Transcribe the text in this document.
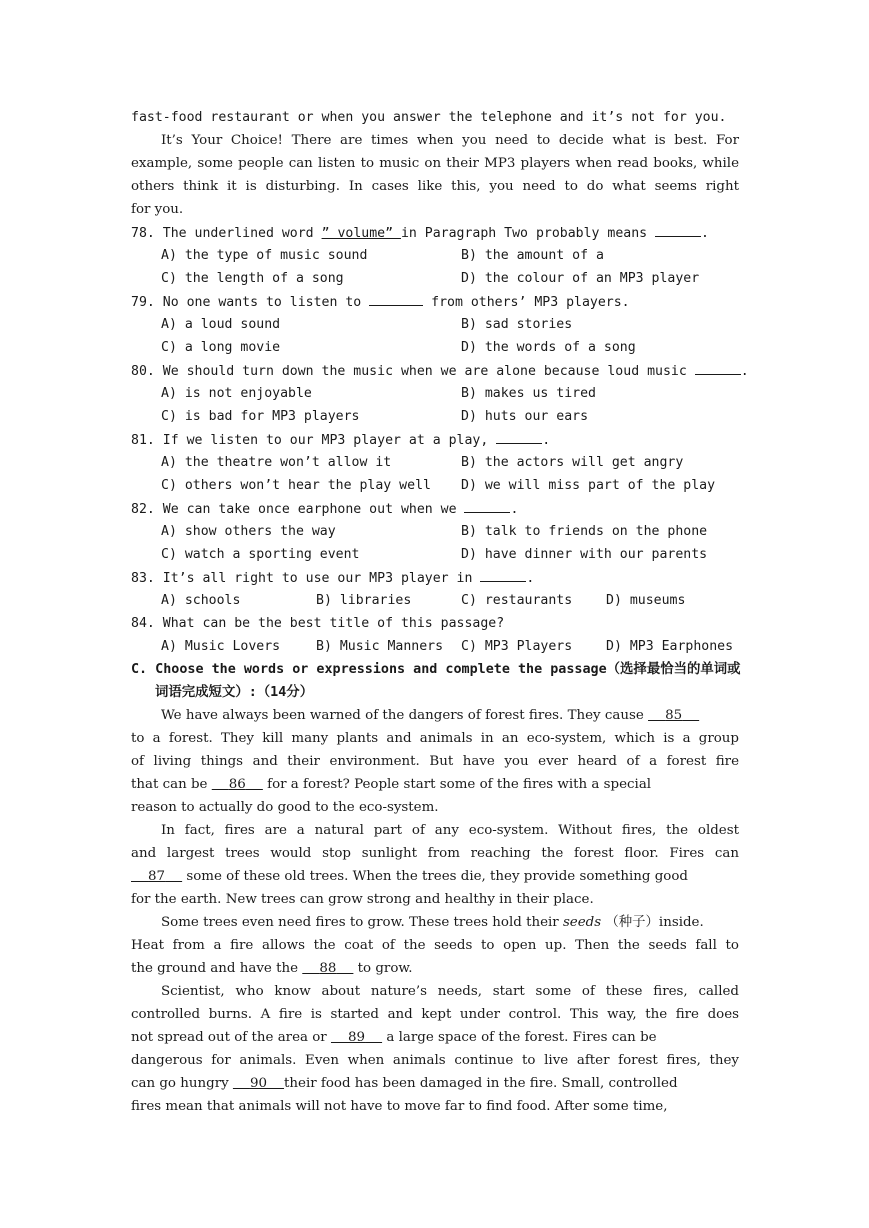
fast-food restaurant or when you answer the telephone and it’s not for you.
It’s Your Choice! There are times when you need to decide what is best. For
example, some people can listen to music on their MP3 players when read books, while
others think it is disturbing. In cases like this, you need to do what seems right
for you.
78. The underlined word ” volume” in Paragraph Two probably means	.
A) the type of music sound	B) the amount of a
C) the length of a song	D) the colour of an MP3 player
79. No one wants to listen to	from others’ MP3 players.
A) a loud sound	B) sad stories
C) a long movie	D) the words of a song
80. We should turn down the music when we are alone because loud music	.
A) is not enjoyable	B) makes us tired
C) is bad for MP3 players	D) huts our ears
81. If we listen to our MP3 player at a play,	.
A) the theatre won’t allow it	B) the actors will get angry
C) others won’t hear the play well	D) we will miss part of the play
82. We can take once earphone out when we	.
A) show others the way	B) talk to friends on the phone
C) watch a sporting event	D) have dinner with our parents
83. It’s all right to use our MP3 player in	.
A) schools	B) libraries	C) restaurants	D) museums
84. What can be the best title of this passage?
A) Music Lovers	B) Music Manners	C) MP3 Players	D) MP3 Earphones
C. Choose the words or expressions and complete the passage（选择最恰当的单词或
词语完成短文）:（14分）
We have always been warned of the dangers of forest fires. They cause     85
to a forest. They kill many plants and animals in an eco-system, which is a group
of living things and their environment. But have you ever heard of a forest fire
that can be     86     for a forest? People start some of the fires with a special
reason to actually do good to the eco-system.
In fact, fires are a natural part of any eco-system. Without fires, the oldest
and largest trees would stop sunlight from reaching the forest floor. Fires can
87     some of these old trees. When the trees die, they provide something good
for the earth. New trees can grow strong and healthy in their place.
Some trees even need fires to grow. These trees hold their seeds （种子）inside.
Heat from a fire allows the coat of the seeds to open up. Then the seeds fall to
the ground and have the     88     to grow.
Scientist, who know about nature’s needs, start some of these fires, called
controlled burns. A fire is started and kept under control. This way, the fire does
not spread out of the area or     89     a large space of the forest. Fires can be
dangerous for animals. Even when animals continue to live after forest fires, they
can go hungry     90 their food has been damaged in the fire. Small, controlled
fires mean that animals will not have to move far to find food. After some time,
